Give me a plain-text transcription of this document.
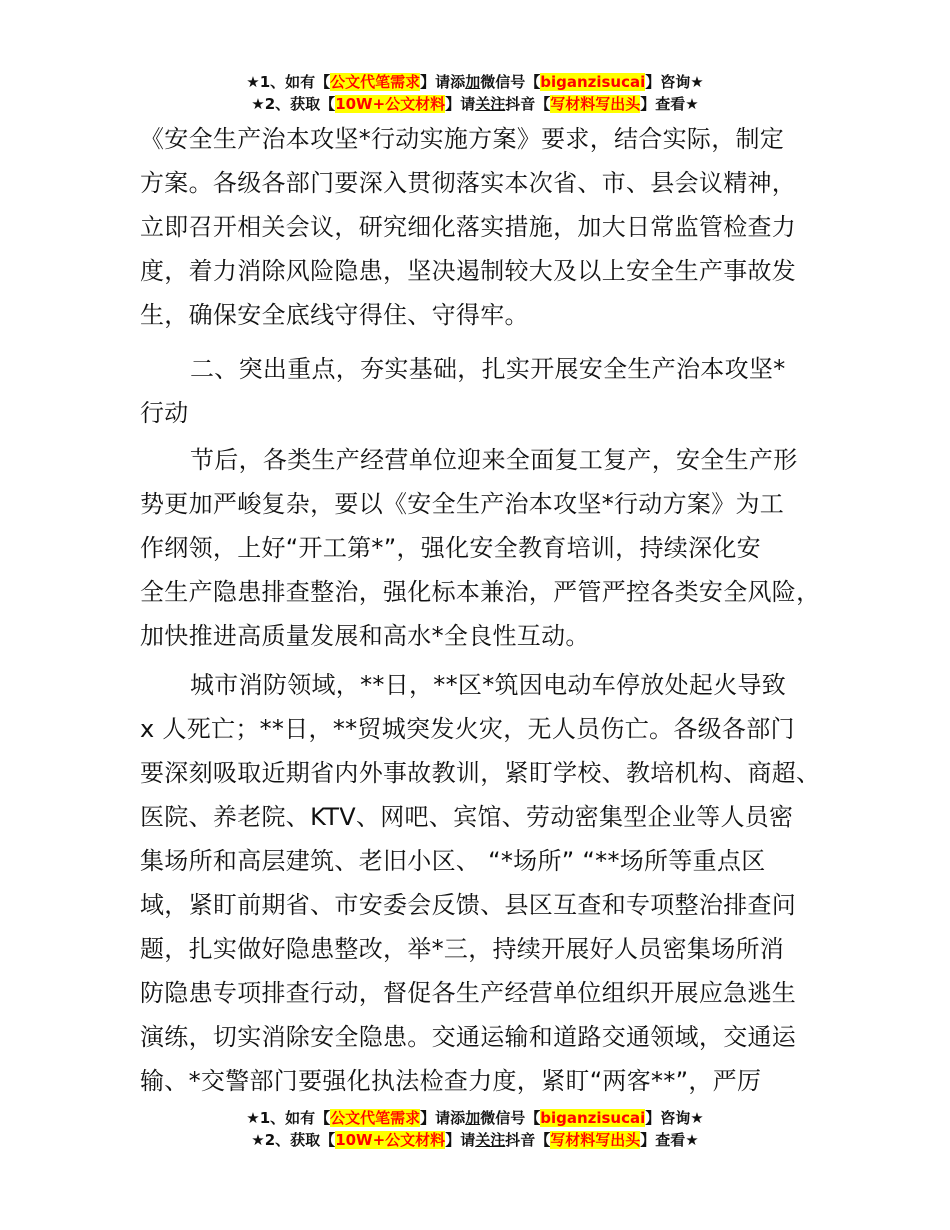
★1、如有【公文代笔需求】请添加微信号【biganzisucai】咨询★
★2、获取【10W+公文材料】请关注抖音【写材料写出头】查看★
《安全生产治本攻坚*行动实施方案》要求，结合实际，制定
方案。各级各部门要深入贯彻落实本次省、市、县会议精神，
立即召开相关会议，研究细化落实措施，加大日常监管检查力
度，着力消除风险隐患，坚决遏制较大及以上安全生产事故发
生，确保安全底线守得住、守得牢。
二、突出重点，夯实基础，扎实开展安全生产治本攻坚*
行动
节后，各类生产经营单位迎来全面复工复产，安全生产形
势更加严峻复杂，要以《安全生产治本攻坚*行动方案》为工
作纲领，上好“开工第*”，强化安全教育培训，持续深化安
全生产隐患排查整治，强化标本兼治，严管严控各类安全风险，
加快推进高质量发展和高水*全良性互动。
城市消防领域，**日，**区*筑因电动车停放处起火导致
x 人死亡；**日，**贸城突发火灾，无人员伤亡。各级各部门
要深刻吸取近期省内外事故教训，紧盯学校、教培机构、商超、
医院、养老院、KTV、网吧、宾馆、劳动密集型企业等人员密
集场所和高层建筑、老旧小区、 “*场所” “**场所等重点区
域，紧盯前期省、市安委会反馈、县区互查和专项整治排查问
题，扎实做好隐患整改，举*三，持续开展好人员密集场所消
防隐患专项排查行动，督促各生产经营单位组织开展应急逃生
演练，切实消除安全隐患。交通运输和道路交通领域，交通运
输、*交警部门要强化执法检查力度，紧盯“两客**”，严厉
★1、如有【公文代笔需求】请添加微信号【biganzisucai】咨询★
★2、获取【10W+公文材料】请关注抖音【写材料写出头】查看★
